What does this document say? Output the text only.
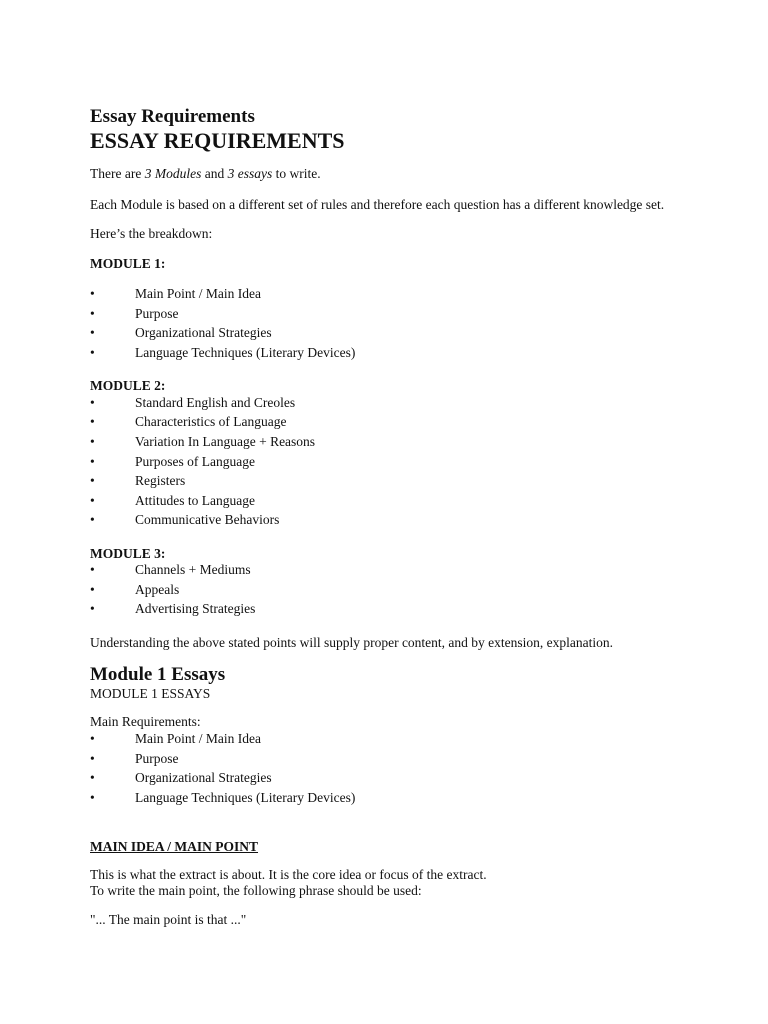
Essay Requirements
ESSAY REQUIREMENTS
There are 3 Modules and 3 essays to write.
Each Module is based on a different set of rules and therefore each question has a different knowledge set.
Here’s the breakdown:
MODULE 1:
•	Main Point / Main Idea
•	Purpose
•	Organizational Strategies
•	Language Techniques (Literary Devices)
MODULE 2:
•	Standard English and Creoles
•	Characteristics of Language
•	Variation In Language + Reasons
•	Purposes of Language
•	Registers
•	Attitudes to Language
•	Communicative Behaviors
MODULE 3:
•	Channels + Mediums
•	Appeals
•	Advertising Strategies
Understanding the above stated points will supply proper content, and by extension, explanation.
Module 1 Essays
MODULE 1 ESSAYS
Main Requirements:
•	Main Point / Main Idea
•	Purpose
•	Organizational Strategies
•	Language Techniques (Literary Devices)
MAIN IDEA / MAIN POINT
This is what the extract is about. It is the core idea or focus of the extract.
To write the main point, the following phrase should be used:
"... The main point is that ..."
